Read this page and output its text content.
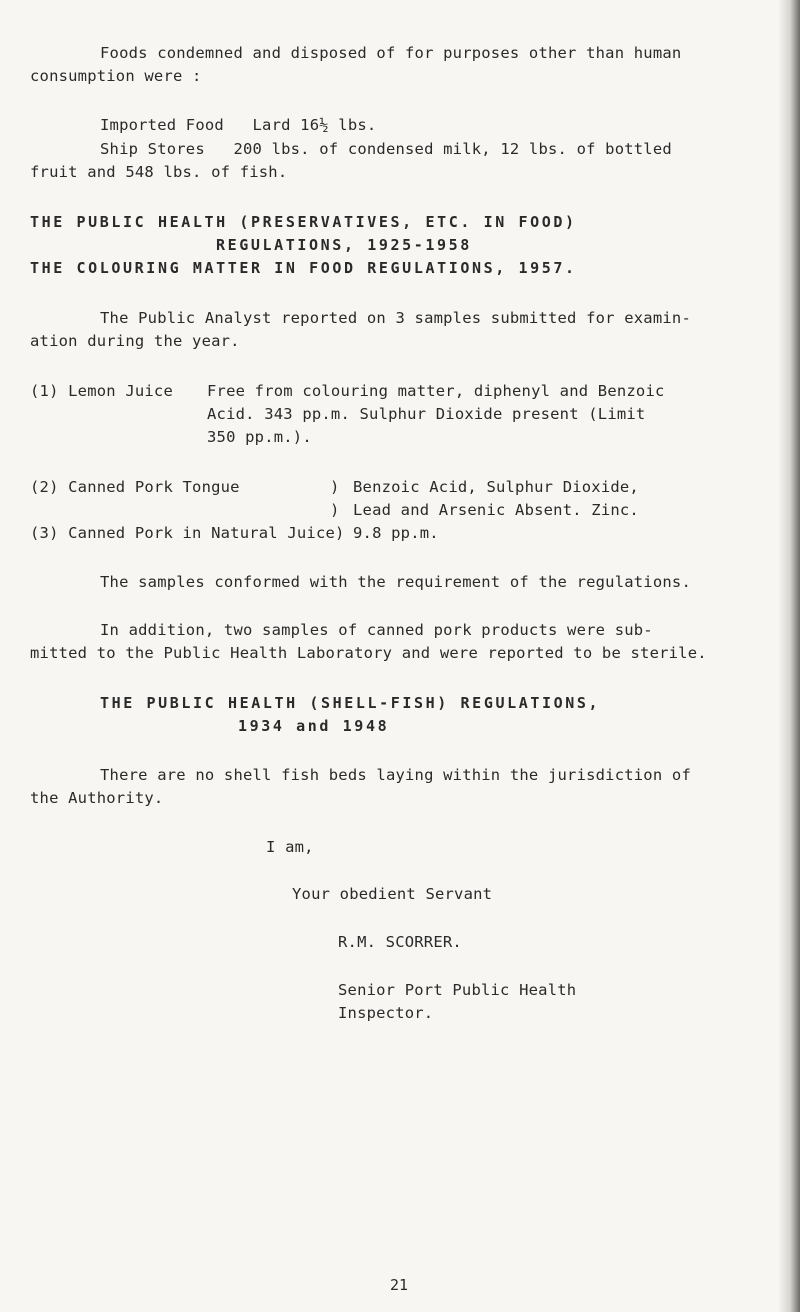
Foods condemned and disposed of for purposes other than human
consumption were :
Imported Food   Lard 16½ lbs.
Ship Stores   200 lbs. of condensed milk, 12 lbs. of bottled
fruit and 548 lbs. of fish.
THE PUBLIC HEALTH (PRESERVATIVES, ETC. IN FOOD)
REGULATIONS, 1925-1958
THE COLOURING MATTER IN FOOD REGULATIONS, 1957.
The Public Analyst reported on 3 samples submitted for examin-
ation during the year.
(1) Lemon Juice Free from colouring matter, diphenyl and Benzoic
Acid. 343 pp.m. Sulphur Dioxide present (Limit
350 pp.m.).
(2) Canned Pork Tongue	) Benzoic Acid, Sulphur Dioxide,
) Lead and Arsenic Absent. Zinc.
(3) Canned Pork in Natural Juice) 9.8 pp.m.
The samples conformed with the requirement of the regulations.
In addition, two samples of canned pork products were sub-
mitted to the Public Health Laboratory and were reported to be sterile.
THE PUBLIC HEALTH (SHELL-FISH) REGULATIONS,
1934 and 1948
There are no shell fish beds laying within the jurisdiction of
the Authority.
I am,
Your obedient Servant
R.M. SCORRER.
Senior Port Public Health
Inspector.
21
